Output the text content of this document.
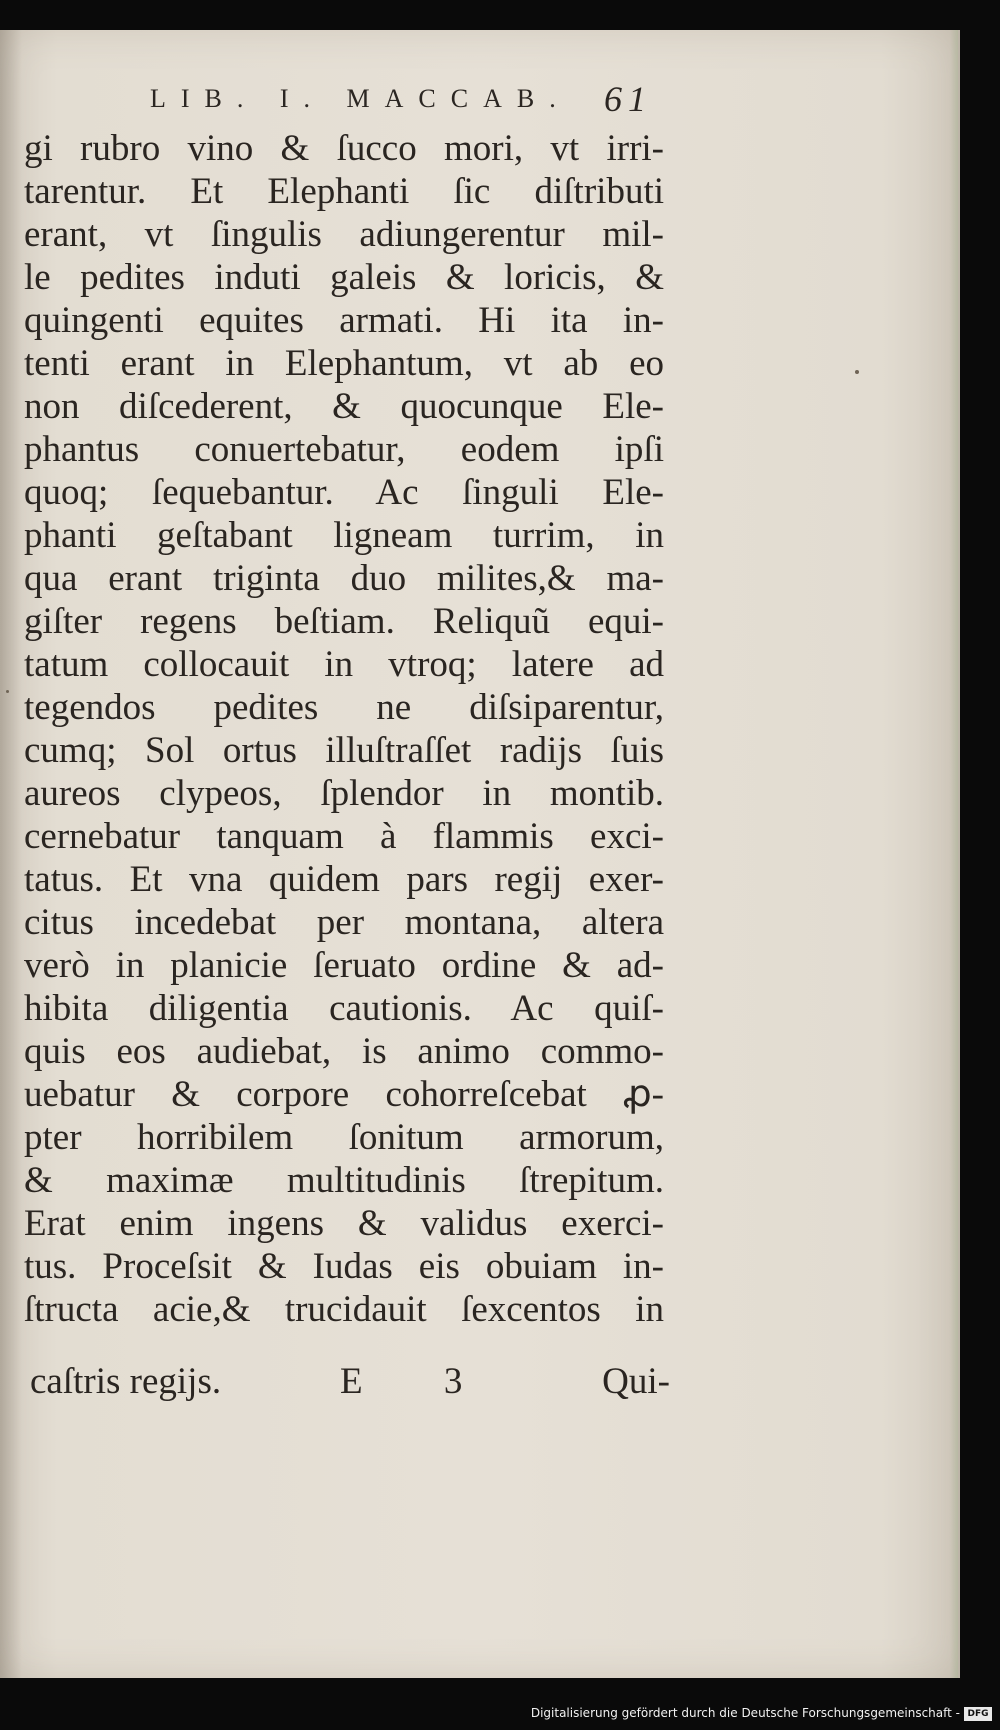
LIB. I. MACCAB. 61
gi rubro vino & ſucco mori, vt irri-
tarentur. Et Elephanti ſic diſtributi
erant, vt ſingulis adiungerentur mil-
le pedites induti galeis & loricis, &
quingenti equites armati. Hi ita in-
tenti erant in Elephantum, vt ab eo
non diſcederent, & quocunque Ele-
phantus conuertebatur, eodem ipſi
quoq; ſequebantur. Ac ſinguli Ele-
phanti geſtabant ligneam turrim, in
qua erant triginta duo milites,& ma-
giſter regens beſtiam. Reliquũ equi-
tatum collocauit in vtroq; latere ad
tegendos pedites ne diſsiparentur,
cumq; Sol ortus illuſtraſſet radijs ſuis
aureos clypeos, ſplendor in montib.
cernebatur tanquam à flammis exci-
tatus. Et vna quidem pars regij exer-
citus incedebat per montana, altera
verò in planicie ſeruato ordine & ad-
hibita diligentia cautionis. Ac quiſ-
quis eos audiebat, is animo commo-
uebatur & corpore cohorreſcebat ꝓ-
pter horribilem ſonitum armorum,
& maximæ multitudinis ſtrepitum.
Erat enim ingens & validus exerci-
tus. Proceſsit & Iudas eis obuiam in-
ſtructa acie,& trucidauit ſexcentos in
caſtris regijs.	E 3	Qui-
Digitalisierung gefördert durch die Deutsche Forschungsgemeinschaft - DFG
